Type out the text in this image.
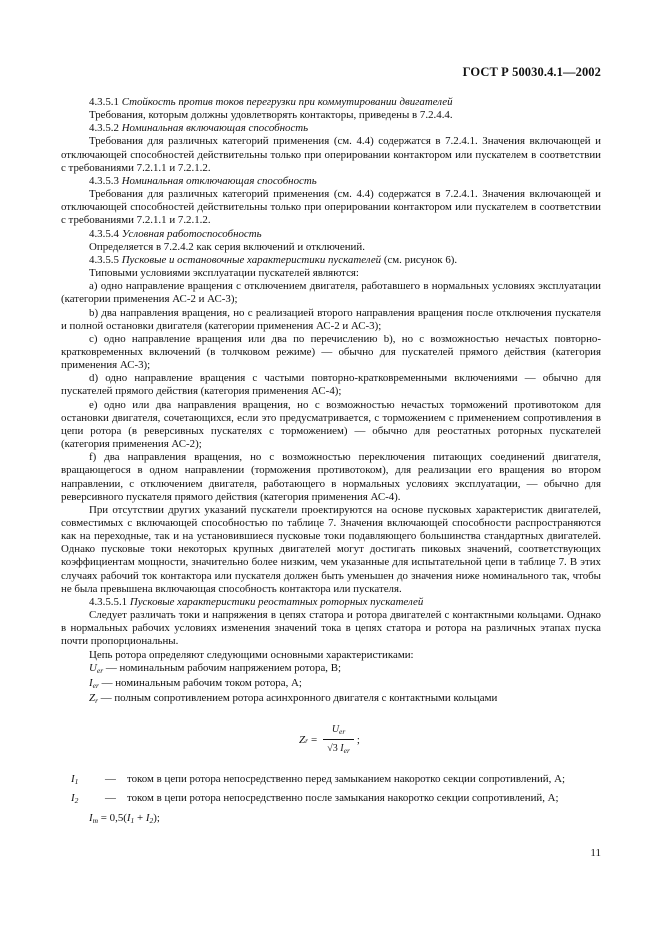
ГОСТ Р 50030.4.1—2002

4.3.5.1 Стойкость против токов перегрузки при коммутировании двигателей

Требования, которым должны удовлетворять контакторы, приведены в 7.2.4.4.

4.3.5.2 Номинальная включающая способность

Требования для различных категорий применения (см. 4.4) содержатся в 7.2.4.1. Значения включающей и отключающей способностей действительны только при оперировании контактором или пускателем в соответствии с требованиями 7.2.1.1 и 7.2.1.2.

4.3.5.3 Номинальная отключающая способность

Требования для различных категорий применения (см. 4.4) содержатся в 7.2.4.1. Значения включающей и отключающей способностей действительны только при оперировании контактором или пускателем в соответствии с требованиями 7.2.1.1 и 7.2.1.2.

4.3.5.4 Условная работоспособность

Определяется в 7.2.4.2 как серия включений и отключений.

4.3.5.5 Пусковые и остановочные характеристики пускателей (см. рисунок 6).

Типовыми условиями эксплуатации пускателей являются:

а) одно направление вращения с отключением двигателя, работавшего в нормальных условиях эксплуатации (категории применения АС-2 и АС-3);

b) два направления вращения, но с реализацией второго направления вращения после отключения пускателя и полной остановки двигателя (категории применения АС-2 и АС-3);

с) одно направление вращения или два по перечислению b), но с возможностью нечастых повторно-кратковременных включений (в толчковом режиме) — обычно для пускателей прямого действия (категория применения АС-3);

d) одно направление вращения с частыми повторно-кратковременными включениями — обычно для пускателей прямого действия (категория применения АС-4);

е) одно или два направления вращения, но с возможностью нечастых торможений противотоком для остановки двигателя, сочетающихся, если это предусматривается, с торможением с применением сопротивления в цепи ротора (в реверсивных пускателях с торможением) — обычно для реостатных роторных пускателей (категория применения АС-2);

f) два направления вращения, но с возможностью переключения питающих соединений двигателя, вращающегося в одном направлении (торможения противотоком), для реализации его вращения во втором направлении, с отключением двигателя, работающего в нормальных условиях эксплуатации, — обычно для реверсивного пускателя прямого действия (категория применения АС-4).

При отсутствии других указаний пускатели проектируются на основе пусковых характеристик двигателей, совместимых с включающей способностью по таблице 7. Значения включающей способности распространяются как на переходные, так и на установившиеся пусковые токи подавляющего большинства стандартных двигателей. Однако пусковые токи некоторых крупных двигателей могут достигать пиковых значений, соответствующих коэффициентам мощности, значительно более низким, чем указанные для испытательной цепи в таблице 7. В этих случаях рабочий ток контактора или пускателя должен быть уменьшен до значения ниже номинального так, чтобы не была превышена включающая способность контактора или пускателя.

4.3.5.5.1 Пусковые характеристики реостатных роторных пускателей

Следует различать токи и напряжения в цепях статора и ротора двигателей с контактными кольцами. Однако в нормальных рабочих условиях изменения значений тока в цепях статора и ротора на различных этапах пуска почти пропорциональны.

Цепь ротора определяют следующими основными характеристиками:

$U_{er}$ — номинальным рабочим напряжением ротора, В;

$I_{er}$ — номинальным рабочим током ротора, А;

$Z_r$ — полным сопротивлением ротора асинхронного двигателя с контактными кольцами

Z $r = \frac{U_{er}}{√3 I_{er}}$ ;
$I_1$	—	током в цепи ротора непосредственно перед замыканием накоротко секции сопротивлений, А;
$I_2$	—	током в цепи ротора непосредственно после замыкания накоротко секции сопротивлений, А;

$I_m = 0,5(I_1 + I_2)$;

11
